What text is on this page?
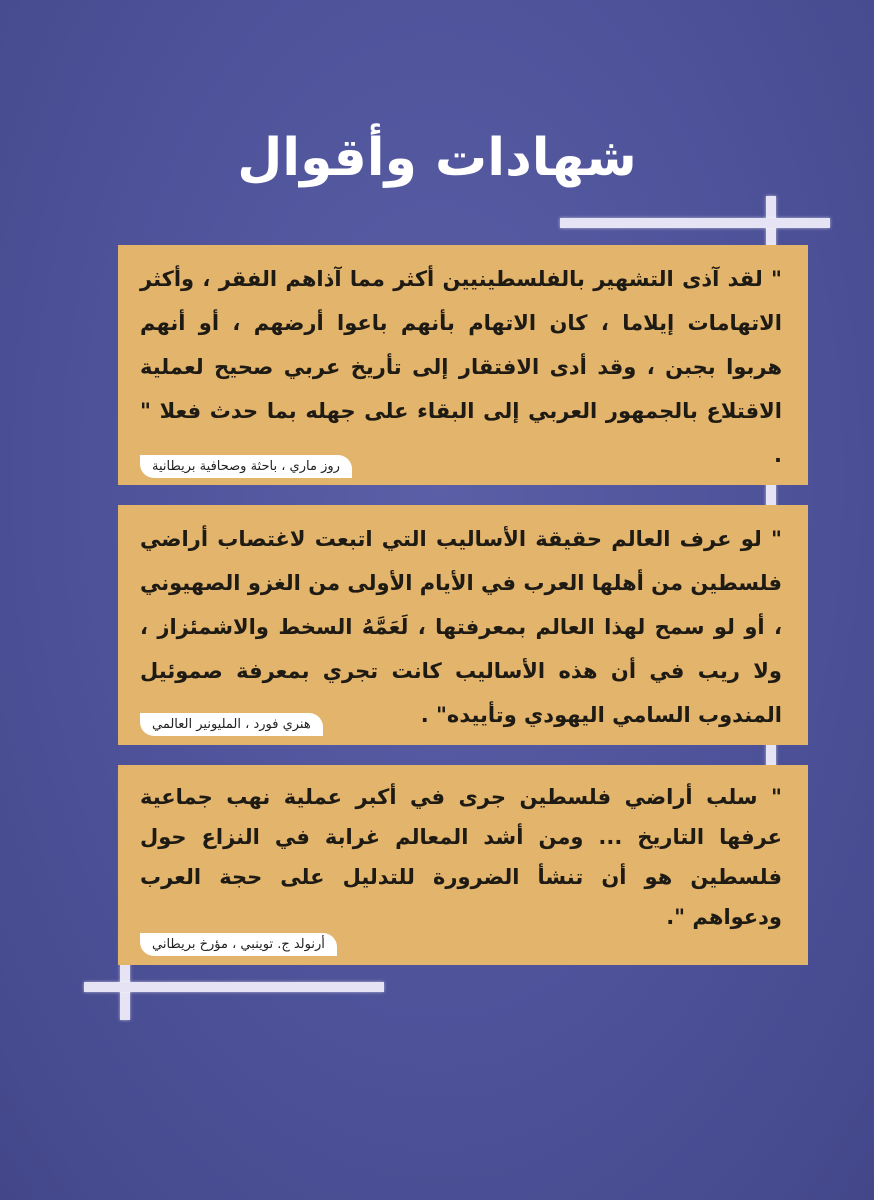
شهادات وأقوال

" لقد آذى التشهير بالفلسطينيين أكثر مما آذاهم الفقر ، وأكثر الاتهامات إيلاما ، كان الاتهام بأنهم باعوا أرضهم ، أو أنهم هربوا بجبن ، وقد أدى الافتقار إلى تأريخ عربي صحيح لعملية الاقتلاع بالجمهور العربي إلى البقاء على جهله بما حدث فعلا " .

روز ماري ، باحثة وصحافية بريطانية

" لو عرف العالم حقيقة الأساليب التي اتبعت لاغتصاب أراضي فلسطين من أهلها العرب في الأيام الأولى من الغزو الصهيوني ، أو لو سمح لهذا العالم بمعرفتها ، لَعَمَّهُ السخط والاشمئزاز ، ولا ريب في أن هذه الأساليب كانت تجري بمعرفة صموئيل المندوب السامي اليهودي وتأييده" .

هنري فورد ، المليونير العالمي

" سلب أراضي فلسطين جرى في أكبر عملية نهب جماعية عرفها التاريخ ... ومن أشد المعالم غرابة في النزاع حول فلسطين هو أن تنشأ الضرورة للتدليل على حجة العرب ودعواهم ".

أرنولد ج. توينبي ، مؤرخ بريطاني
